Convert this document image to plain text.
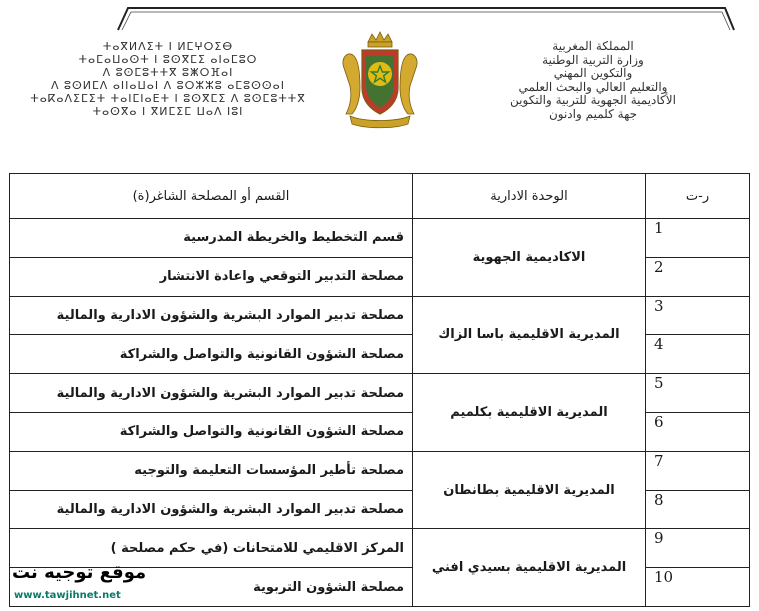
ⵜⴰⴳⵍⴷⵉⵜ ⵏ ⵍⵎⵖⵔⵉⴱ
ⵜⴰⵎⴰⵡⴰⵙⵜ ⵏ ⵓⵙⴳⵎⵉ ⴰⵏⴰⵎⵓⵔ
ⴷ ⵓⵙⵎⵓⵜⵜⴳ ⵓⵥⵔⴼⴰⵏ
ⴷ ⵓⵙⵍⵎⴷ ⴰⵏⵏⴰⵡⴰⵏ ⴷ ⵓⵔⵣⵣⵓ ⴰⵎⵓⵙⵙⴰⵏ
ⵜⴰⴽⴰⴷⵉⵎⵉⵜ ⵜⴰⵏⵎⵏⴰⴹⵜ ⵏ ⵓⵙⴳⵎⵉ ⴷ ⵓⵙⵎⵓⵜⵜⴳ
ⵜⴰⵙⴳⴰ ⵏ ⴳⵍⵎⵉⵎ ⵡⴰⴷ ⵏⵓⵏ
المملكة المغربية
وزارة التربية الوطنية
والتكوين المهني
والتعليم العالي والبحث العلمي
الأكاديمية الجهوية للتربية والتكوين
جهة كلميم وادنون
ر-ت	الوحدة الادارية	القسم أو المصلحة الشاغر(ة)
1	الاكاديمية الجهوية	قسم التخطيط والخريطة المدرسية
2		مصلحة التدبير التوقعي واعادة الانتشار
3	المديرية الاقليمية باسا الزاك	مصلحة تدبير الموارد البشرية والشؤون الادارية والمالية
4		مصلحة الشؤون القانونية والتواصل والشراكة
5	المديرية الاقليمية بكلميم	مصلحة تدبير الموارد البشرية والشؤون الادارية والمالية
6		مصلحة الشؤون القانونية والتواصل والشراكة
7	المديرية الاقليمية بطانطان	مصلحة تأطير المؤسسات التعليمة والتوجيه
8		مصلحة تدبير الموارد البشرية والشؤون الادارية والمالية
9	المديرية الاقليمية بسيدي افني	المركز الاقليمي للامتحانات (في حكم مصلحة )
10		مصلحة الشؤون التربوية
موقع توجيه نت
www.tawjihnet.net
